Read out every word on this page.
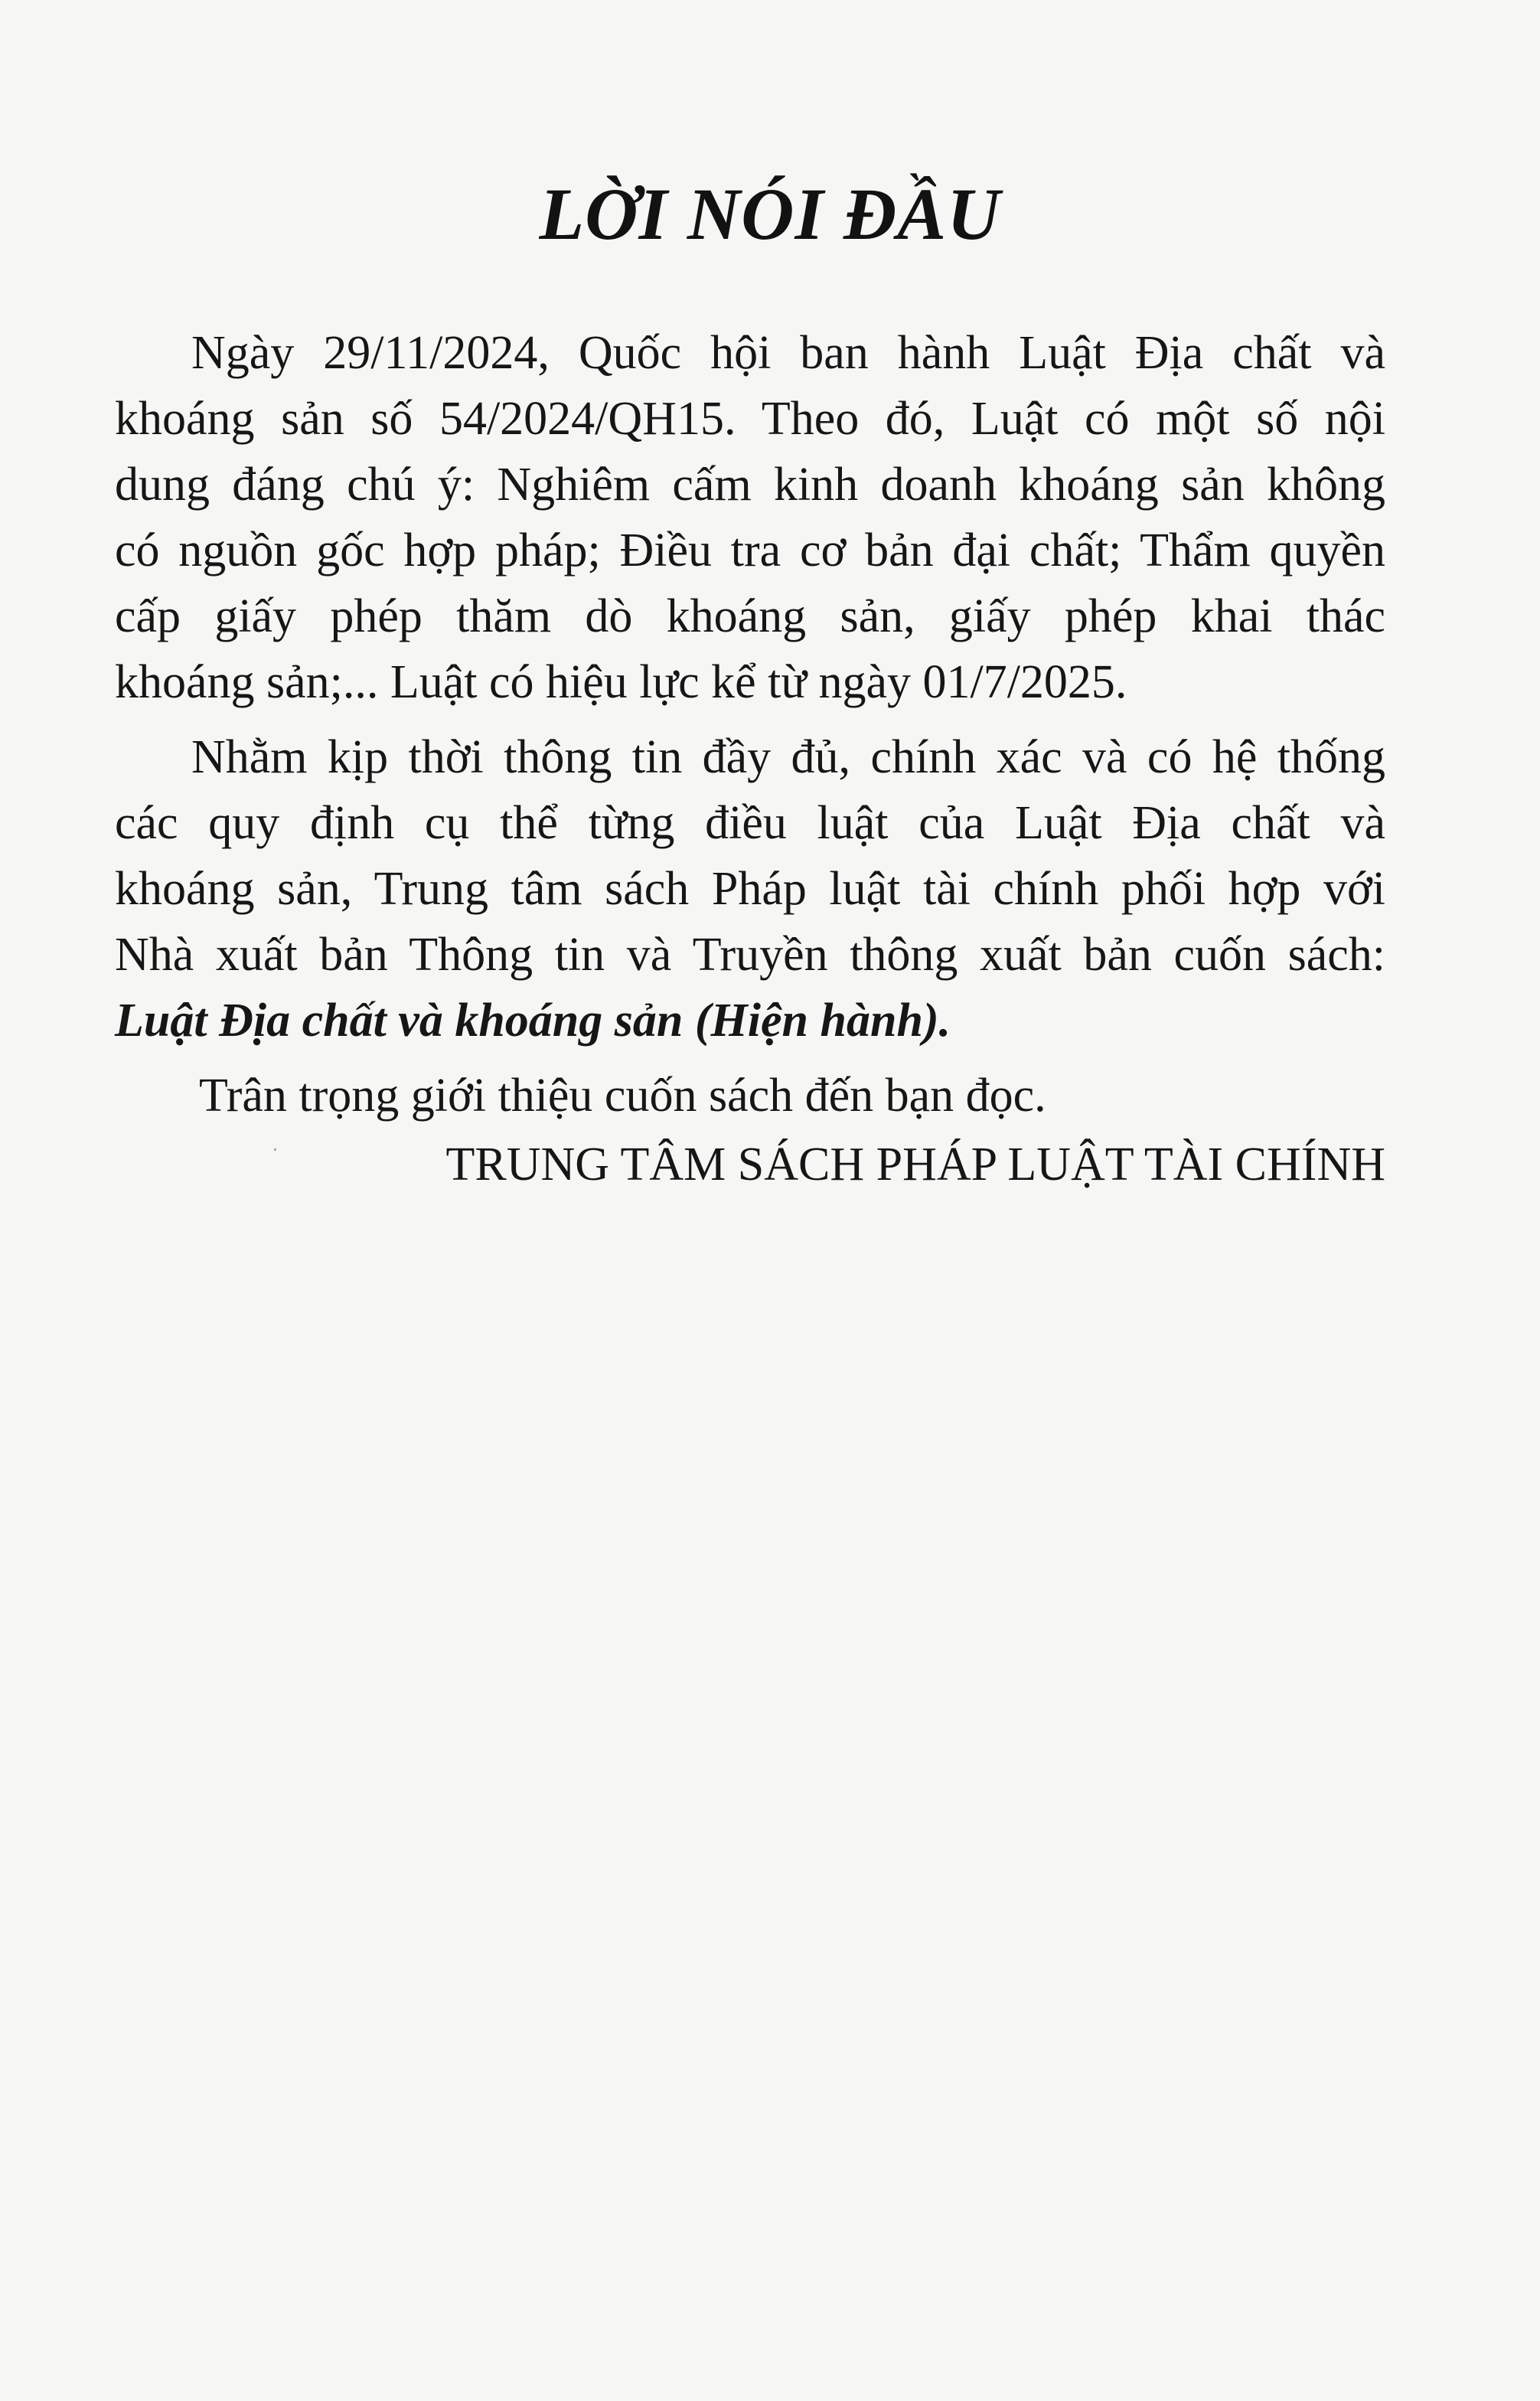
LỜI NÓI ĐẦU

Ngày 29/11/2024, Quốc hội ban hành Luật Địa chất và
khoáng sản số 54/2024/QH15. Theo đó, Luật có một số nội
dung đáng chú ý: Nghiêm cấm kinh doanh khoáng sản không
có nguồn gốc hợp pháp; Điều tra cơ bản đại chất; Thẩm quyền
cấp giấy phép thăm dò khoáng sản, giấy phép khai thác
khoáng sản;... Luật có hiệu lực kể từ ngày 01/7/2025.

Nhằm kịp thời thông tin đầy đủ, chính xác và có hệ thống
các quy định cụ thể từng điều luật của Luật Địa chất và
khoáng sản, Trung tâm sách Pháp luật tài chính phối hợp với
Nhà xuất bản Thông tin và Truyền thông xuất bản cuốn sách:
Luật Địa chất và khoáng sản (Hiện hành).

Trân trọng giới thiệu cuốn sách đến bạn đọc.

TRUNG TÂM SÁCH PHÁP LUẬT TÀI CHÍNH
